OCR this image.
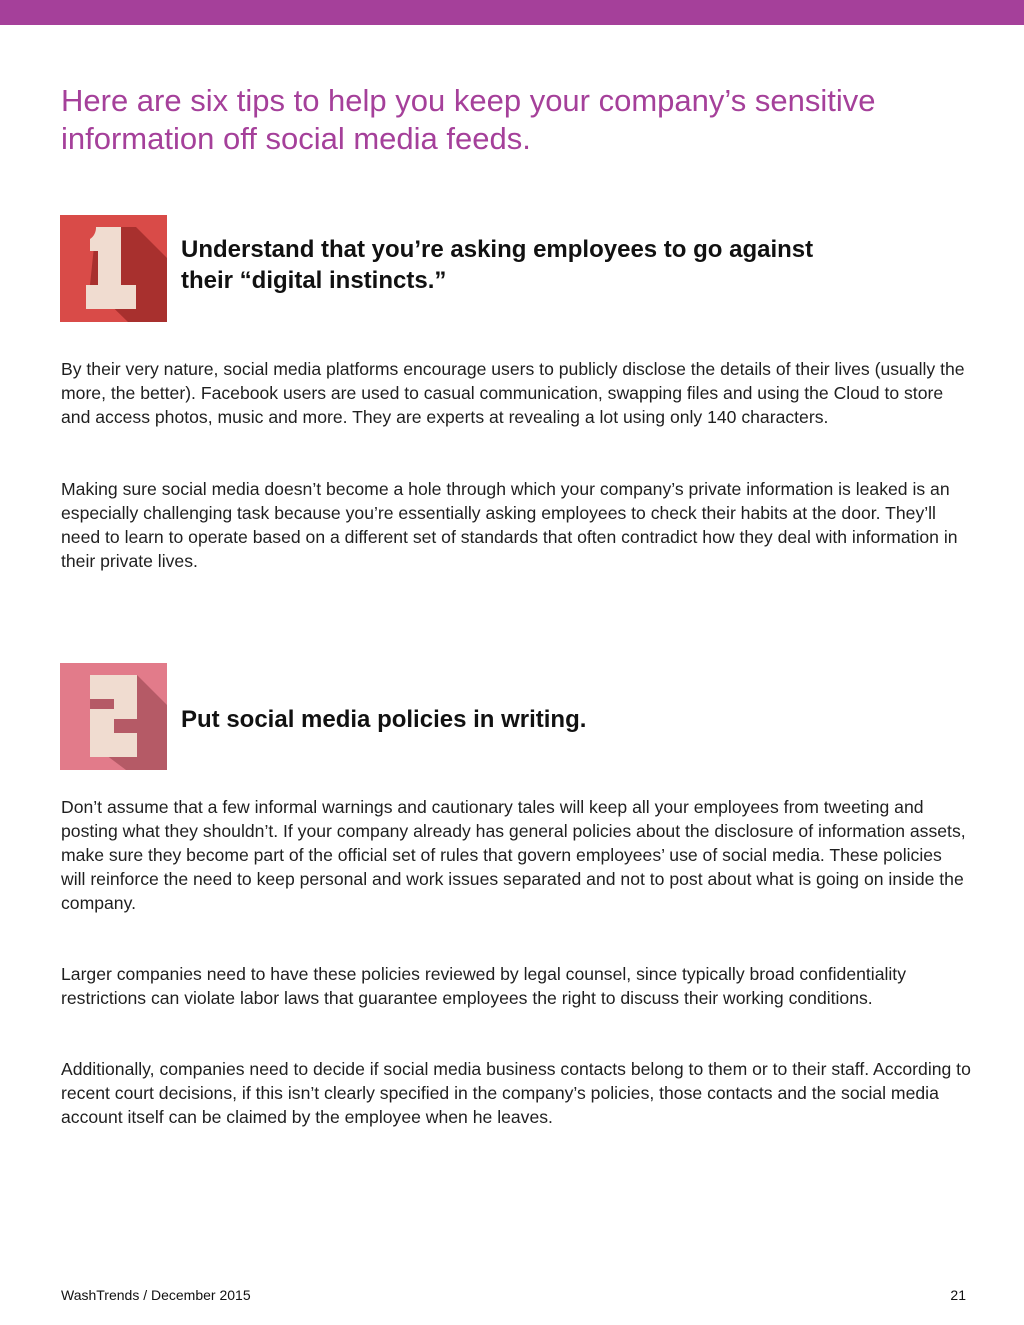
Here are six tips to help you keep your company’s sensitive information off social media feeds.
Understand that you’re asking employees to go against
their “digital instincts.”

By their very nature, social media platforms encourage users to publicly disclose the details of their lives (usually the more, the better). Facebook users are used to casual communication, swapping files and using the Cloud to store and access photos, music and more. They are experts at revealing a lot using only 140 characters.

Making sure social media doesn’t become a hole through which your company’s private information is leaked is an especially challenging task because you’re essentially asking employees to check their habits at the door. They’ll need to learn to operate based on a different set of standards that often contradict how they deal with information in their private lives.

Put social media policies in writing.

Don’t assume that a few informal warnings and cautionary tales will keep all your employees from tweeting and posting what they shouldn’t. If your company already has general policies about the disclosure of information assets, make sure they become part of the official set of rules that govern employees’ use of social media. These policies will reinforce the need to keep personal and work issues separated and not to post about what is going on inside the company.

Larger companies need to have these policies reviewed by legal counsel, since typically broad confidentiality restrictions can violate labor laws that guarantee employees the right to discuss their working conditions.

Additionally, companies need to decide if social media business contacts belong to them or to their staff. According to recent court decisions, if this isn’t clearly specified in the company’s policies, those contacts and the social media account itself can be claimed by the employee when he leaves.

WashTrends / December 2015	21
